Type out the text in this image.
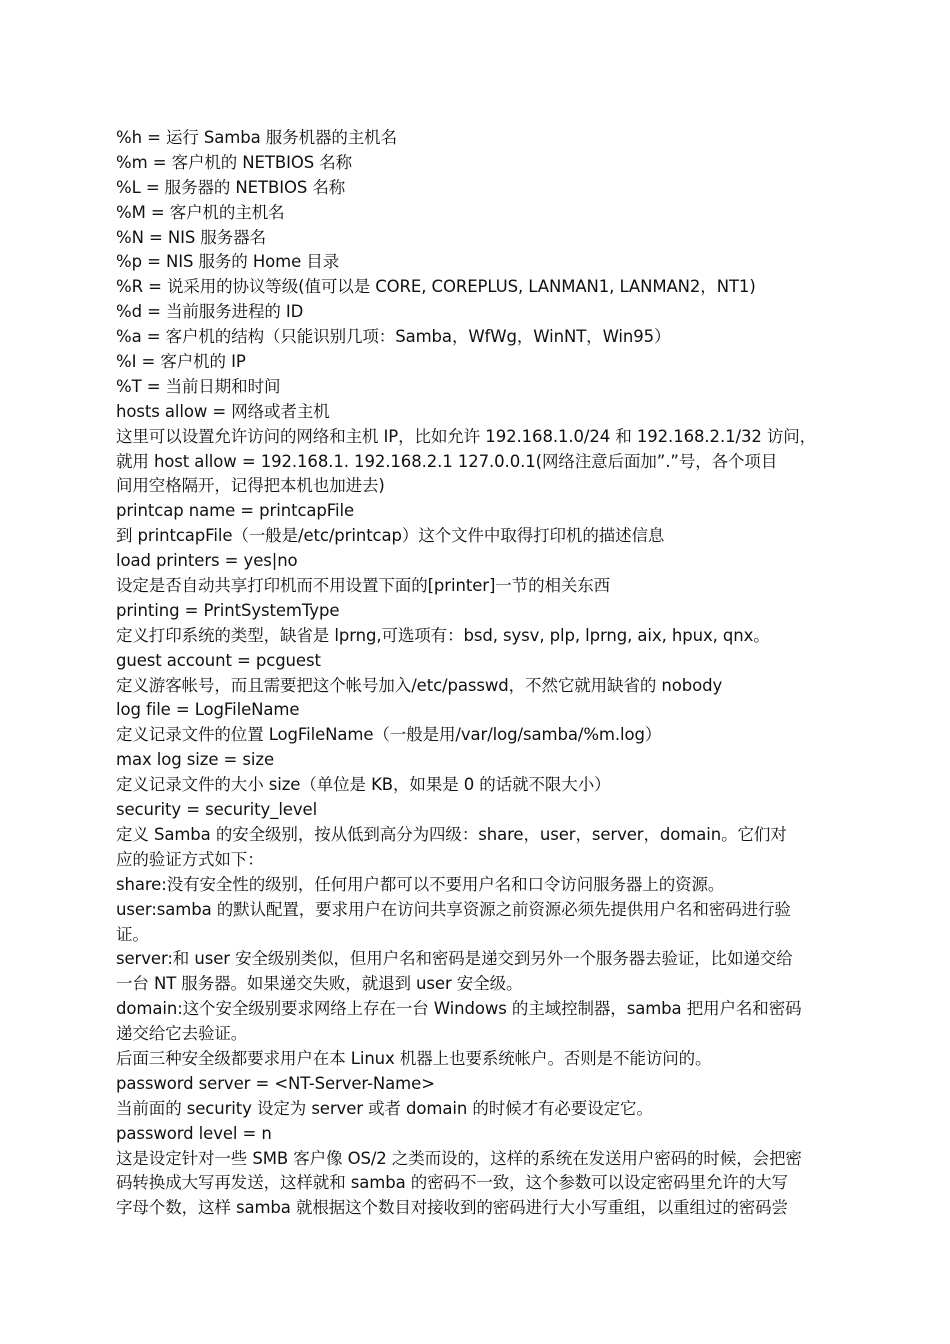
%h = 运行 Samba 服务机器的主机名
%m = 客户机的 NETBIOS 名称
%L = 服务器的 NETBIOS 名称
%M = 客户机的主机名
%N = NIS 服务器名
%p = NIS 服务的 Home 目录
%R = 说采用的协议等级(值可以是 CORE, COREPLUS, LANMAN1, LANMAN2，NT1)
%d = 当前服务进程的 ID
%a = 客户机的结构（只能识别几项：Samba，WfWg，WinNT，Win95）
%I = 客户机的 IP
%T = 当前日期和时间
hosts allow = 网络或者主机
这里可以设置允许访问的网络和主机 IP，比如允许 192.168.1.0/24 和 192.168.2.1/32 访问，
就用 host allow = 192.168.1. 192.168.2.1 127.0.0.1(网络注意后面加”.”号，各个项目
间用空格隔开，记得把本机也加进去)
printcap name = printcapFile
到 printcapFile（一般是/etc/printcap）这个文件中取得打印机的描述信息
load printers = yes|no
设定是否自动共享打印机而不用设置下面的[printer]一节的相关东西
printing = PrintSystemType
定义打印系统的类型，缺省是 lprng,可选项有：bsd, sysv, plp, lprng, aix, hpux, qnx。
guest account = pcguest
定义游客帐号，而且需要把这个帐号加入/etc/passwd，不然它就用缺省的 nobody
log file = LogFileName
定义记录文件的位置 LogFileName（一般是用/var/log/samba/%m.log）
max log size = size
定义记录文件的大小 size（单位是 KB，如果是 0 的话就不限大小）
security = security_level
定义 Samba 的安全级别，按从低到高分为四级：share，user，server，domain。它们对
应的验证方式如下：
share:没有安全性的级别，任何用户都可以不要用户名和口令访问服务器上的资源。
user:samba 的默认配置，要求用户在访问共享资源之前资源必须先提供用户名和密码进行验
证。
server:和 user 安全级别类似，但用户名和密码是递交到另外一个服务器去验证，比如递交给
一台 NT 服务器。如果递交失败，就退到 user 安全级。
domain:这个安全级别要求网络上存在一台 Windows 的主域控制器，samba 把用户名和密码
递交给它去验证。
后面三种安全级都要求用户在本 Linux 机器上也要系统帐户。否则是不能访问的。
password server = <NT-Server-Name>
当前面的 security 设定为 server 或者 domain 的时候才有必要设定它。
password level = n
这是设定针对一些 SMB 客户像 OS/2 之类而设的，这样的系统在发送用户密码的时候，会把密
码转换成大写再发送，这样就和 samba 的密码不一致，这个参数可以设定密码里允许的大写
字母个数，这样 samba 就根据这个数目对接收到的密码进行大小写重组，以重组过的密码尝
